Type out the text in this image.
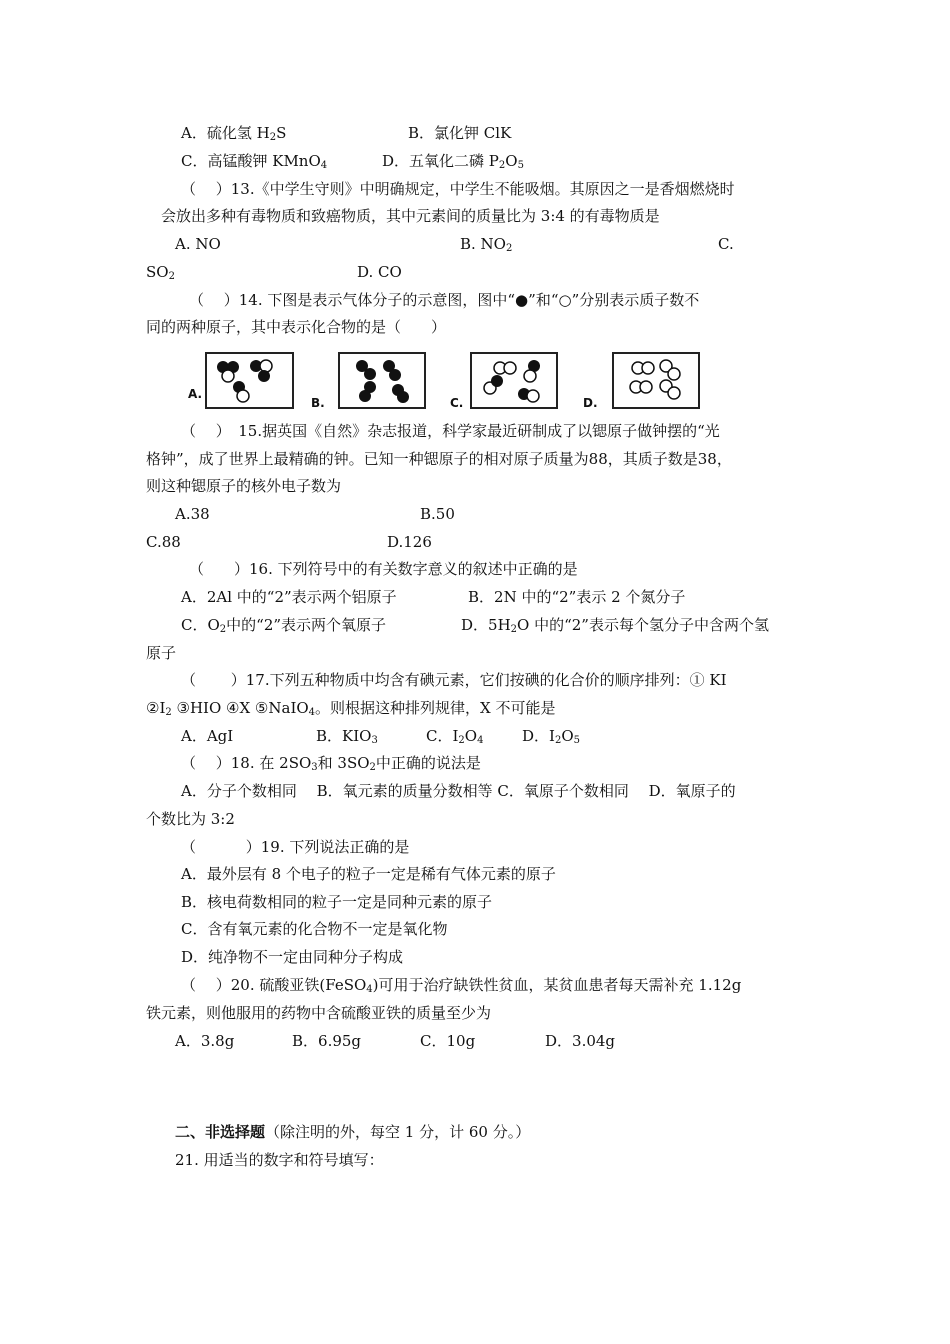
A．硫化氢 $H_2S$	B．氯化钾 ClK
C．高锰酸钾 KMnO$_4$	D．五氧化二磷 $P_2O_5$
（　 ）13.《中学生守则》中明确规定，中学生不能吸烟。其原因之一是香烟燃烧时
会放出多种有毒物质和致癌物质，其中元素间的质量比为 3:4 的有毒物质是
A. NO	B. $NO_2$	C.
$SO_2$	D. CO
（　 ）14. 下图是表示气体分子的示意图，图中“●”和“○”分别表示质子数不
同的两种原子，其中表示化合物的是（　　）
A.
B.	C.	D.
（　 ）　15.据英国《自然》杂志报道，科学家最近研制成了以锶原子做钟摆的“光
格钟”，成了世界上最精确的钟。已知一种锶原子的相对原子质量为88，其质子数是38，
则这种锶原子的核外电子数为
A.38	B.50
C.88	D.126
（　　）16. 下列符号中的有关数字意义的叙述中正确的是
A．2Al 中的“2”表示两个铝原子	B．2N 中的“2”表示 2 个氮分子
C．$O_2$中的“2”表示两个氧原子	D．$5H_2O$ 中的“2”表示每个氢分子中含两个氢
原子
（　　 ）17.下列五种物质中均含有碘元素，它们按碘的化合价的顺序排列：① KI
$②I_2$ ③HIO ④X ⑤NaIO$_4$。则根据这种排列规律，X 不可能是
A．AgI	B．$KIO_3$	C．$I_2O_4$	D．$I_2O_5$
（　 ）18. 在 $2SO_3$和 $3SO_2$中正确的说法是
A．分子个数相同　 B．氧元素的质量分数相等 C．氧原子个数相同　 D．氧原子的
个数比为 3:2
（　　　 ）19. 下列说法正确的是
A．最外层有 8 个电子的粒子一定是稀有气体元素的原子
B．核电荷数相同的粒子一定是同种元素的原子
C．含有氧元素的化合物不一定是氧化物
D．纯净物不一定由同种分子构成
（　 ）20. 硫酸亚铁(FeSO$_4$)可用于治疗缺铁性贫血，某贫血患者每天需补充 1.12g
铁元素，则他服用的药物中含硫酸亚铁的质量至少为
A．3.8g	B．6.95g	C．10g	D．3.04g
二、非选择题（除注明的外，每空 1 分，计 60 分。）
21. 用适当的数字和符号填写：
